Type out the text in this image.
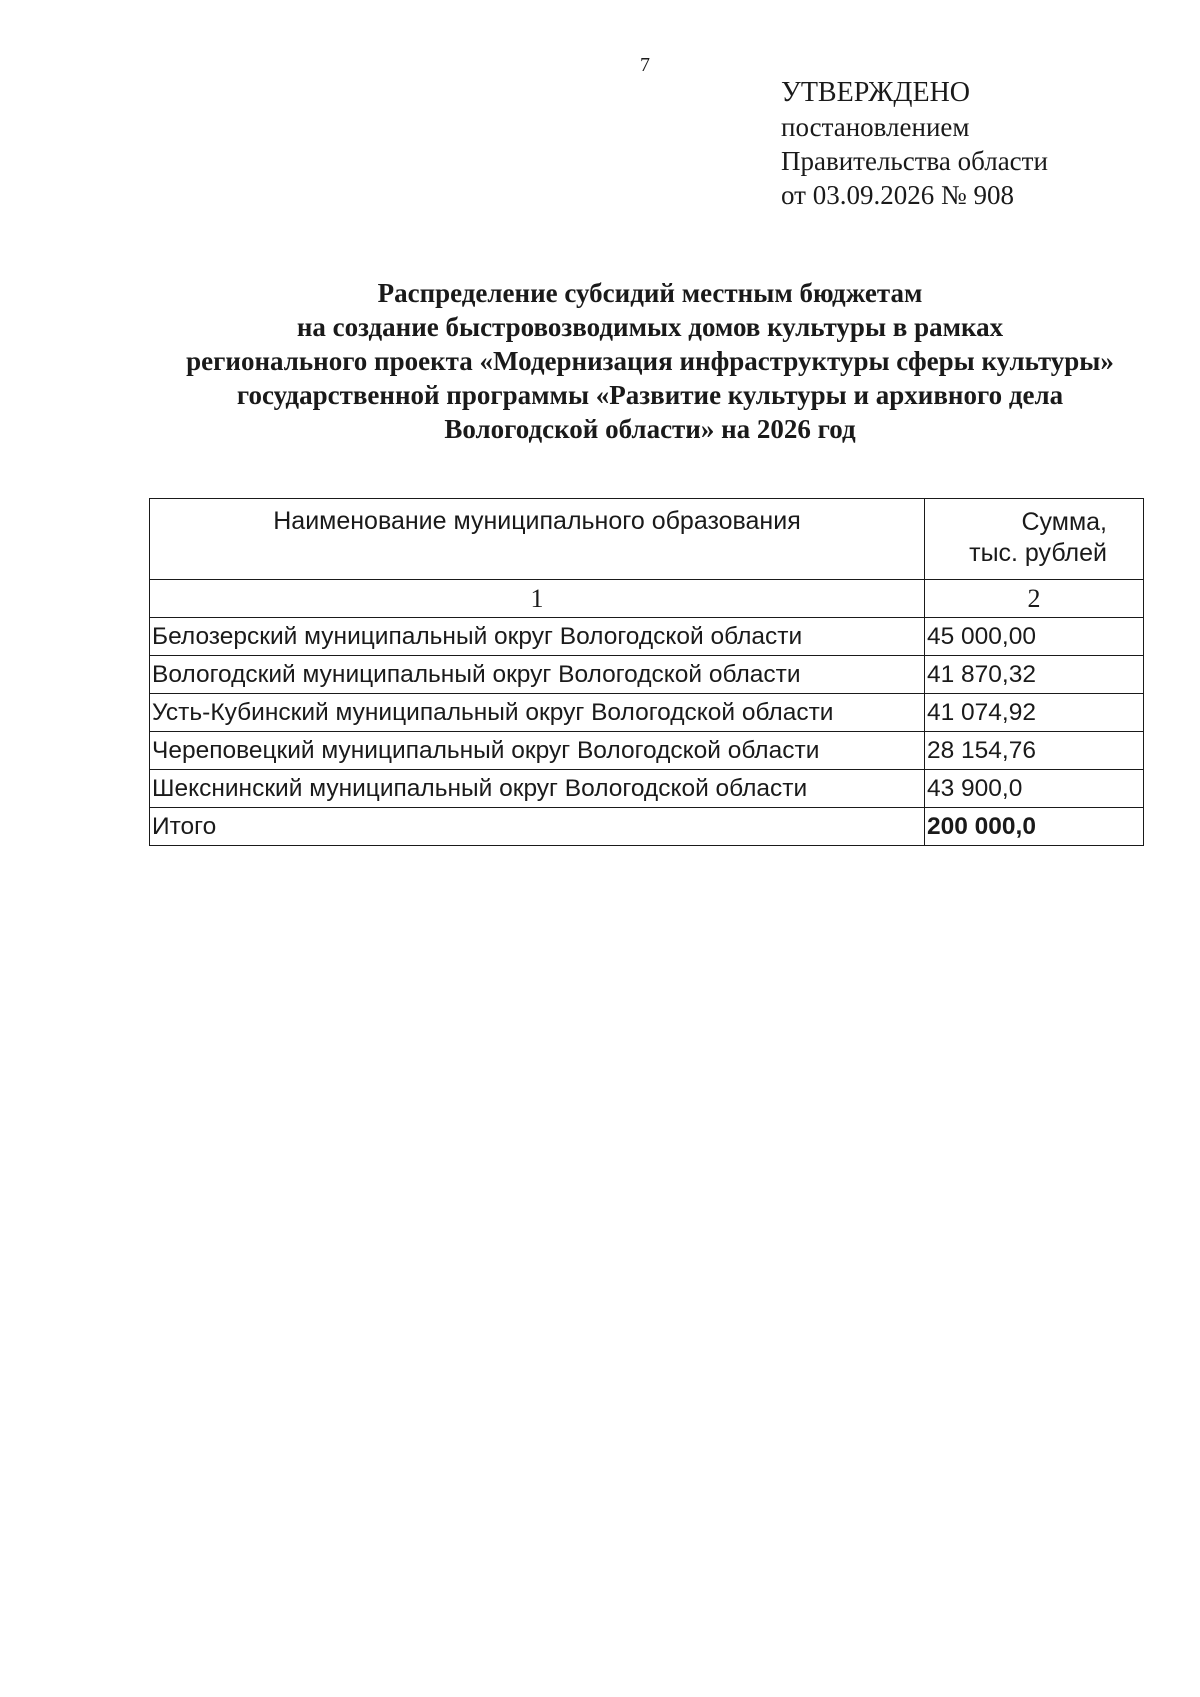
7
УТВЕРЖДЕНО
постановлением
Правительства области
от 03.09.2026 № 908
Распределение субсидий местным бюджетам
на создание быстровозводимых домов культуры в рамках
регионального проекта «Модернизация инфраструктуры сферы культуры»
государственной программы «Развитие культуры и архивного дела
Вологодской области» на 2026 год
Наименование муниципального образования	Сумма,
тыс. рублей

1	2
Белозерский муниципальный округ Вологодской области	45 000,00
Вологодский муниципальный округ Вологодской области	41 870,32
Усть-Кубинский муниципальный округ Вологодской области	41 074,92
Череповецкий муниципальный округ Вологодской области	28 154,76
Шекснинский муниципальный округ Вологодской области	43 900,0
Итого	200 000,0
